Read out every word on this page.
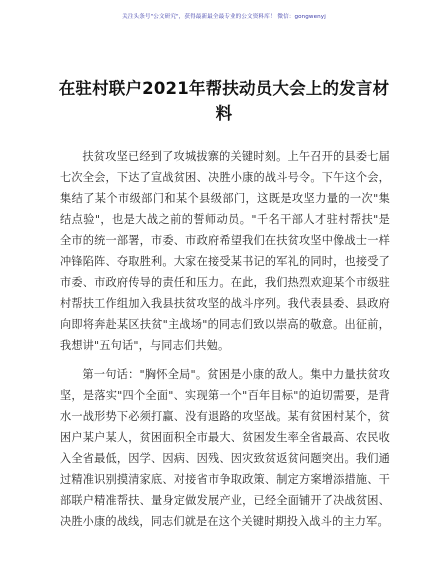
关注头条号"公文研究"，获得最新最全最专业的公文资料库！ 微信：gongwenyj
在驻村联户2021年帮扶动员大会上的发言材料

扶贫攻坚已经到了攻城拔寨的关键时刻。上午召开的县委七届七次全会，下达了宣战贫困、决胜小康的战斗号令。下午这个会，集结了某个市级部门和某个县级部门，这既是攻坚力量的一次"集结点验"，也是大战之前的誓师动员。"千名干部人才驻村帮扶"是全市的统一部署，市委、市政府希望我们在扶贫攻坚中像战士一样冲锋陷阵、夺取胜利。大家在接受某书记的军礼的同时，也接受了市委、市政府传导的责任和压力。在此，我们热烈欢迎某个市级驻村帮扶工作组加入我县扶贫攻坚的战斗序列。我代表县委、县政府向即将奔赴某区扶贫"主战场"的同志们致以崇高的敬意。出征前，我想讲"五句话"，与同志们共勉。

第一句话："胸怀全局"。贫困是小康的敌人。集中力量扶贫攻坚，是落实"四个全面"、实现第一个"百年目标"的迫切需要，是背水一战形势下必须打赢、没有退路的攻坚战。某有贫困村某个，贫困户某户某人，贫困面积全市最大、贫困发生率全省最高、农民收入全省最低，因学、因病、因残、因灾致贫返贫问题突出。我们通过精准识别摸清家底、对接省市争取政策、制定方案增添措施、干部联户精准帮扶、量身定做发展产业，已经全面铺开了决战贫困、决胜小康的战线，同志们就是在这个关键时期投入战斗的主力军。
